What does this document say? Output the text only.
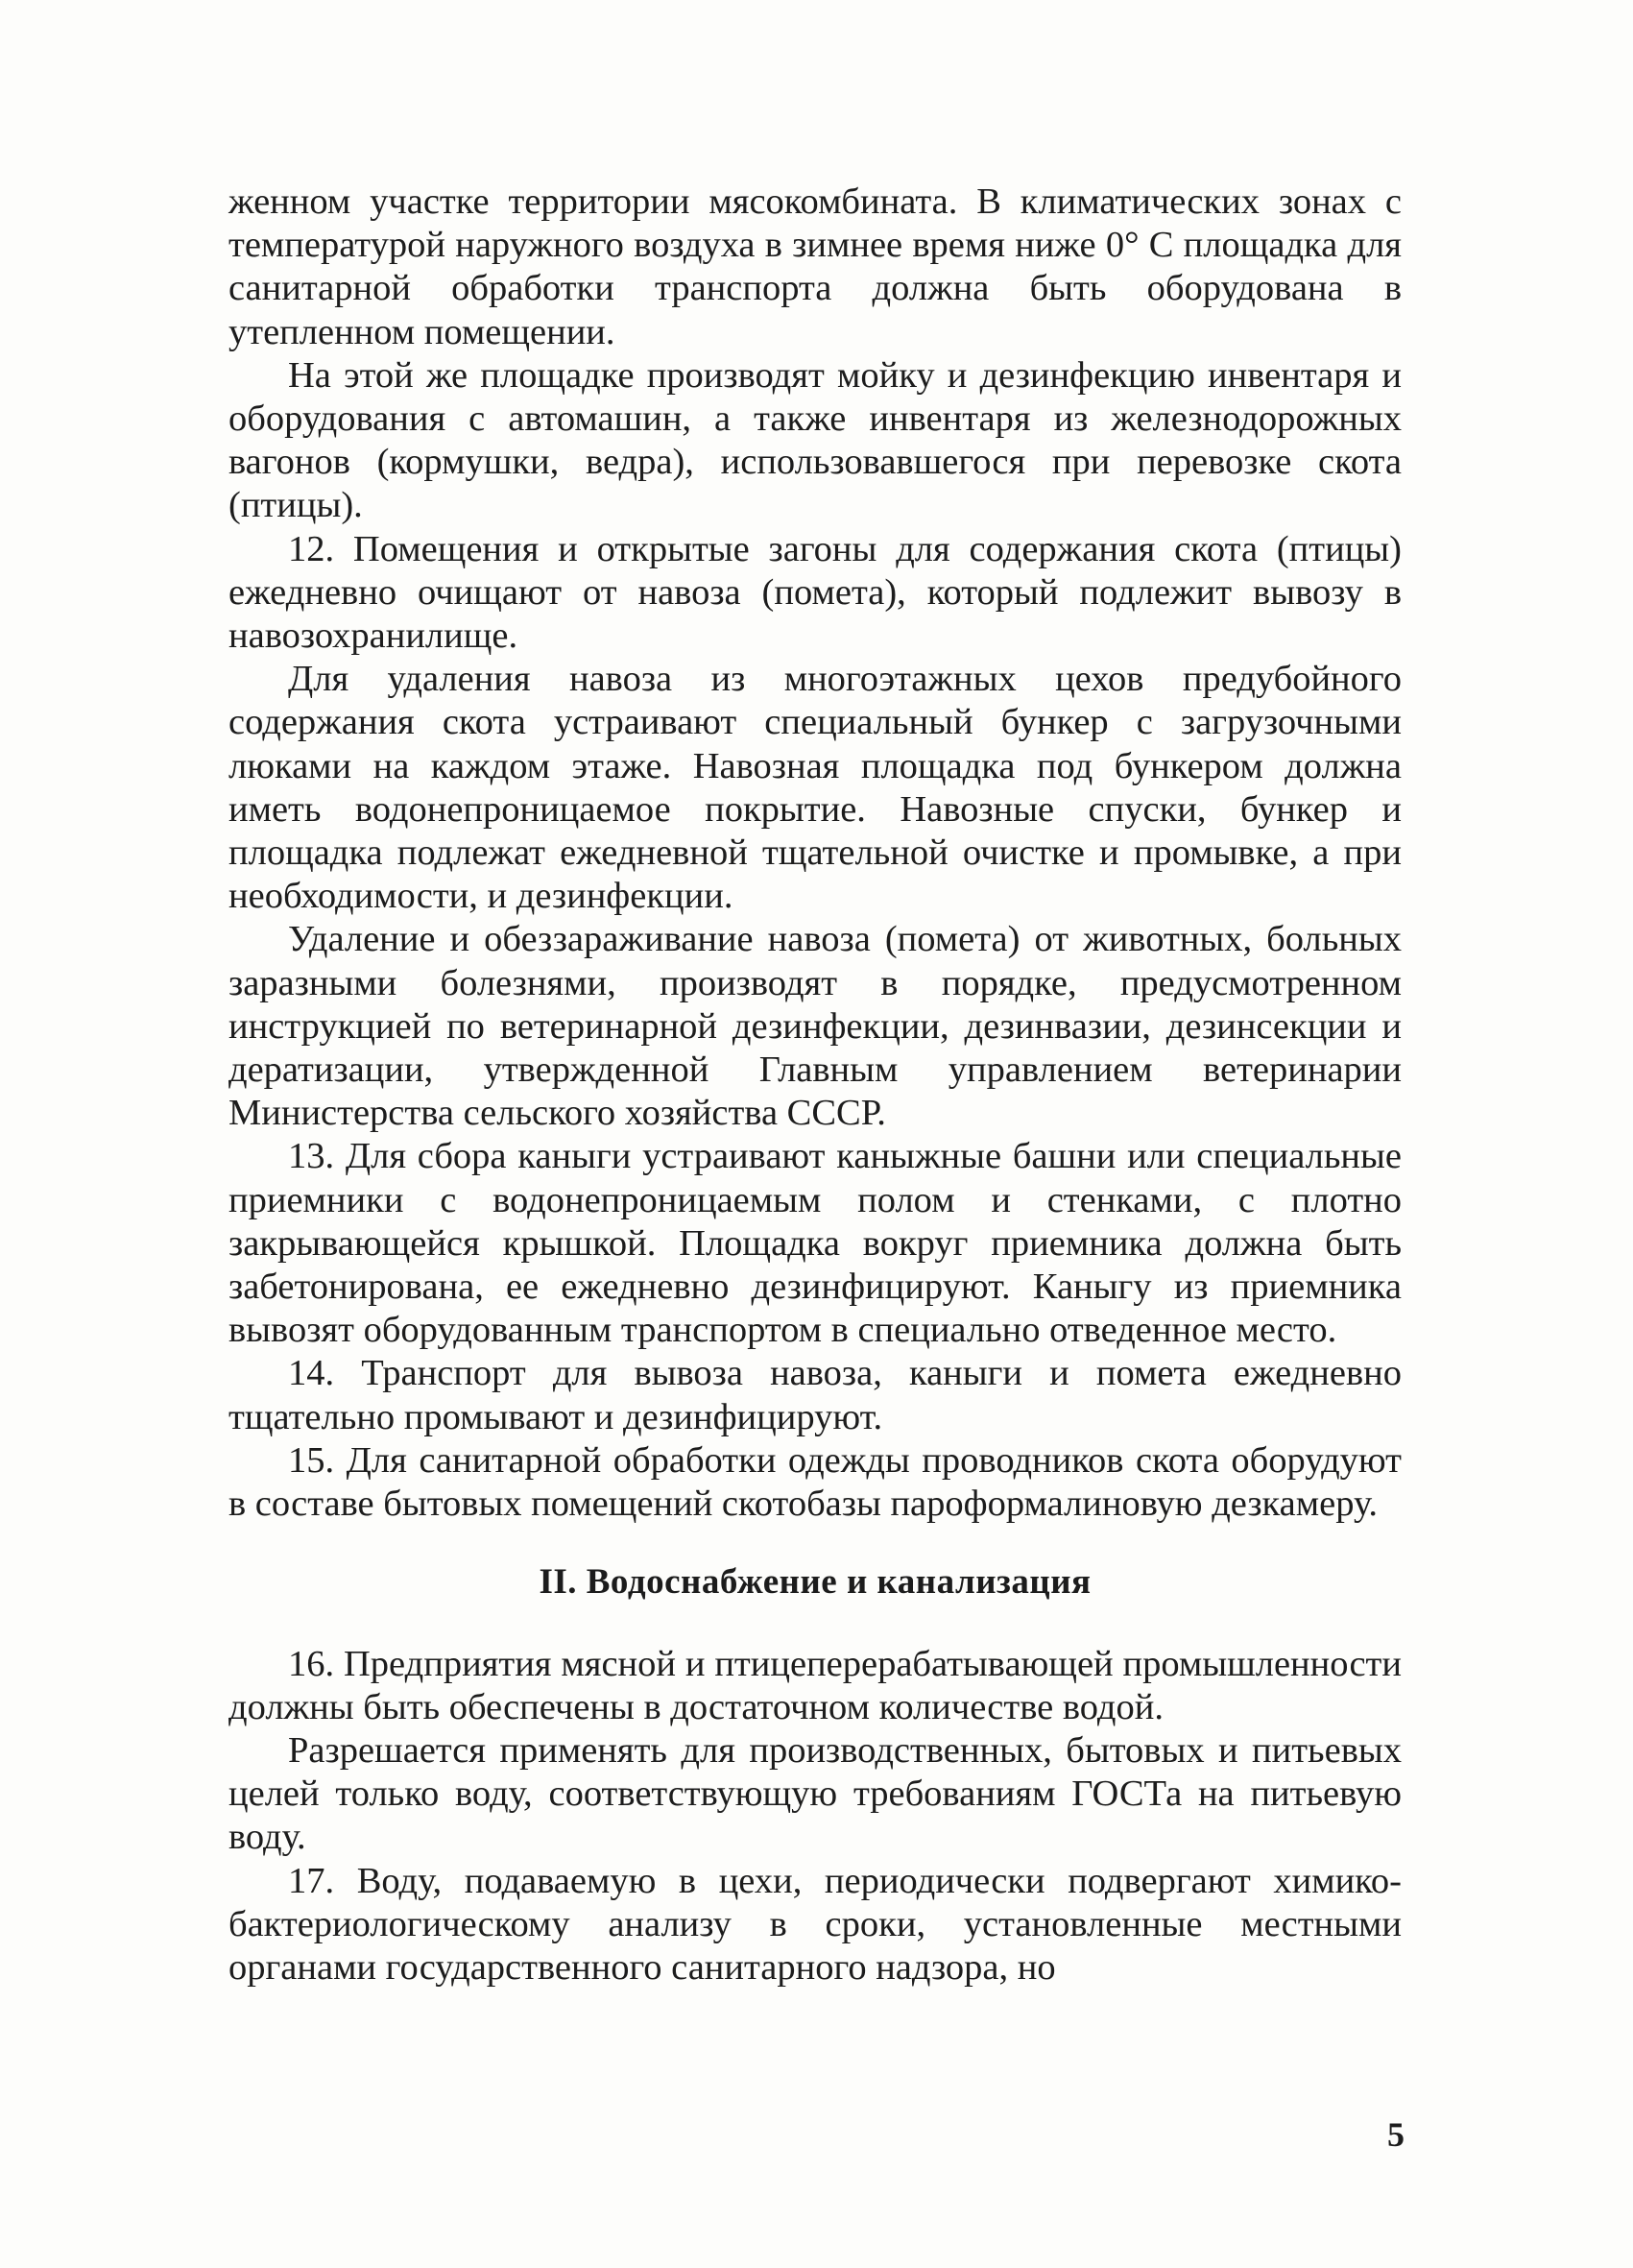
женном участке территории мясокомбината. В климатических зонах с температурой наружного воздуха в зимнее время ниже 0° С площадка для санитарной обработки транспорта должна быть оборудована в утепленном помещении.

На этой же площадке производят мойку и дезинфекцию инвентаря и оборудования с автомашин, а также инвентаря из железнодорожных вагонов (кормушки, ведра), использовавшегося при перевозке скота (птицы).

12. Помещения и открытые загоны для содержания скота (птицы) ежедневно очищают от навоза (помета), который подлежит вывозу в навозохранилище.

Для удаления навоза из многоэтажных цехов предубойного содержания скота устраивают специальный бункер с загрузочными люками на каждом этаже. Навозная площадка под бункером должна иметь водонепроницаемое покрытие. Навозные спуски, бункер и площадка подлежат ежедневной тщательной очистке и промывке, а при необходимости, и дезинфекции.

Удаление и обеззараживание навоза (помета) от животных, больных заразными болезнями, производят в порядке, предусмотренном инструкцией по ветеринарной дезинфекции, дезинвазии, дезинсекции и дератизации, утвержденной Главным управлением ветеринарии Министерства сельского хозяйства СССР.

13. Для сбора каныги устраивают каныжные башни или специальные приемники с водонепроницаемым полом и стенками, с плотно закрывающейся крышкой. Площадка вокруг приемника должна быть забетонирована, ее ежедневно дезинфицируют. Каныгу из приемника вывозят оборудованным транспортом в специально отведенное место.

14. Транспорт для вывоза навоза, каныги и помета ежедневно тщательно промывают и дезинфицируют.

15. Для санитарной обработки одежды проводников скота оборудуют в составе бытовых помещений скотобазы пароформалиновую дезкамеру.

II. Водоснабжение и канализация

16. Предприятия мясной и птицеперерабатывающей промышленности должны быть обеспечены в достаточном количестве водой.

Разрешается применять для производственных, бытовых и питьевых целей только воду, соответствующую требованиям ГОСТа на питьевую воду.

17. Воду, подаваемую в цехи, периодически подвергают химико-бактериологическому анализу в сроки, установленные местными органами государственного санитарного надзора, но

5
